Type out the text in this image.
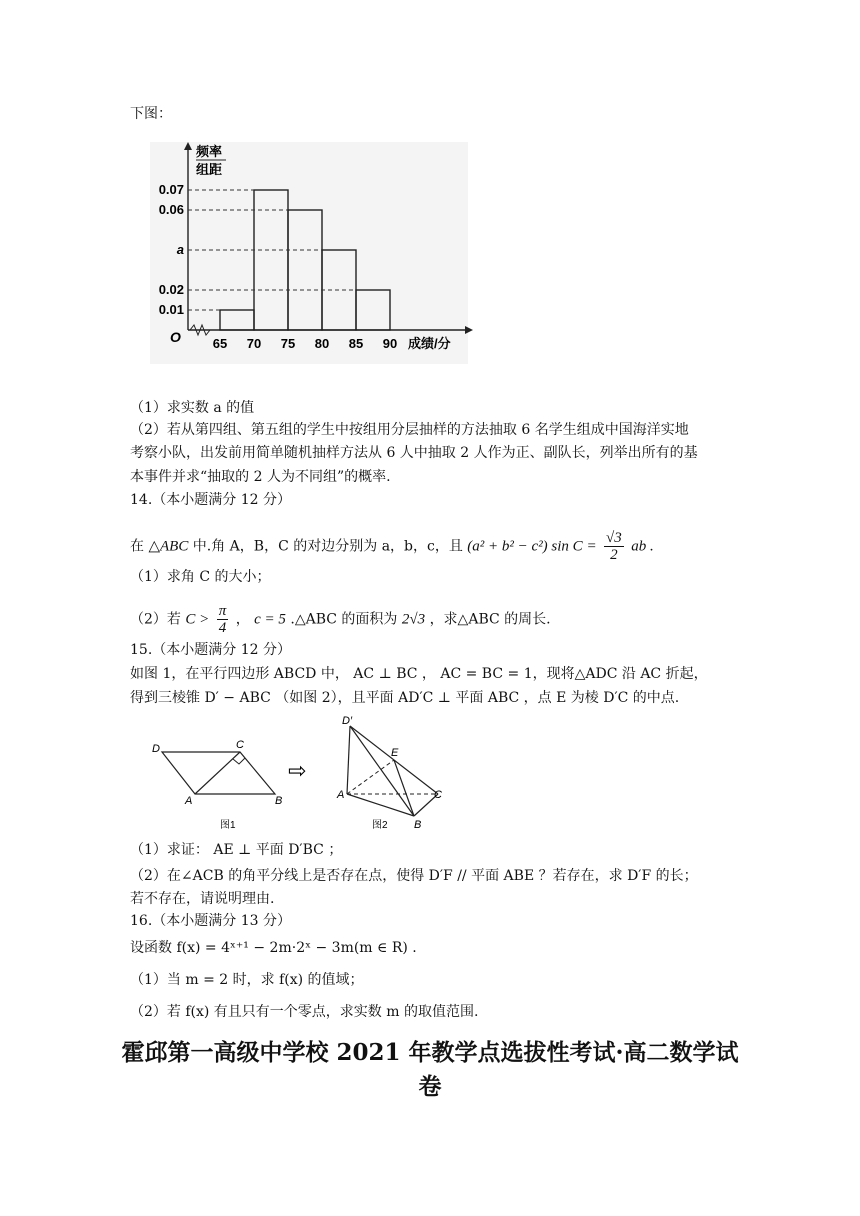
下图：
频率
组距
O
0.07
0.06
a
0.02
0.01
65 70 75 80 85 90 成绩/分
（1）求实数 a 的值
（2）若从第四组、第五组的学生中按组用分层抽样的方法抽取 6 名学生组成中国海洋实地
考察小队，出发前用简单随机抽样方法从 6 人中抽取 2 人作为正、副队长，列举出所有的基
本事件并求“抽取的 2 人为不同组”的概率.
14.（本小题满分 12 分）
在 △ABC 中.角 A，B，C 的对边分别为 a，b，c，且 (a² + b² − c²) $\sin C = \frac{√3}{2}$ ab .
（1）求角 C 的大小；
（2）若 $C > \frac{\pi}{4}$ ， c = 5 .△ABC 的面积为 2√3 ，求△ABC 的周长.
15.（本小题满分 12 分）
如图 1，在平行四边形 ABCD 中， AC ⊥ BC ， AC = BC = 1，现将△ADC 沿 AC 折起，
得到三棱锥 D′ − ABC （如图 2），且平面 AD′C ⊥ 平面 ABC ，点 E 为棱 D′C 的中点.
D	C
A	B
图1
⇨
D′
E
A	C
B
图2
（1）求证： AE ⊥ 平面 D′BC ；
（2）在∠ACB 的角平分线上是否存在点，使得 D′F // 平面 ABE ？若存在，求 D′F 的长；
若不存在，请说明理由.
16.（本小题满分 13 分）
设函数 f(x) = 4ˣ⁺¹ − 2m·2ˣ − 3m(m ∈ R) .
（1）当 m = 2 时，求 f(x) 的值域；
（2）若 f(x) 有且只有一个零点，求实数 m 的取值范围.
霍邱第一高级中学校 2021 年教学点选拔性考试·高二数学试
卷
